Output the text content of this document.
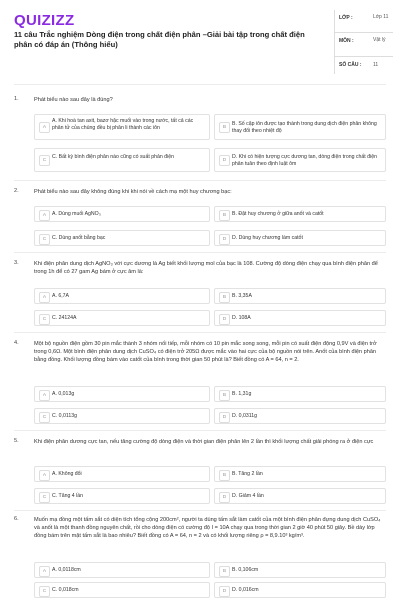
QUIZIZZ
11 câu Trắc nghiệm Dòng điện trong chất điện phân –Giải bài tập trong chất điện phân có đáp án (Thông hiểu)
LỚP :	Lớp 11
MÔN :	Vật lý
SỐ CÂU : 11
1.	Phát biểu nào sau đây là đúng?
A
A. Khi hoà tan axit, bazơ hặc muối vào trong nước, tất cả các phân tử của chúng đều bị phân li thành các iôn	B
B. Số cặp iôn được tạo thành trong dung dịch điện phân không thay đổi theo nhiệt độ
C
C. Bất kỳ bình điện phân nào cũng có suất phản điện
D
D. Khi có hiện tượng cực dương tan, dòng điện trong chất điện phân tuân theo định luật ôm
2.	Phát biểu nào sau đây không đúng khi khi nói về cách mạ một huy chương bạc:
A	A. Dùng muối AgNO₃	B	B. Đặt huy chương ở giữa anốt và catốt
C	C. Dùng anốt bằng bạc	D	D. Dùng huy chương làm catốt
3.	Khi điện phân dung dịch AgNO₃ với cực dương là Ag biết khối lượng mol của bạc là 108. Cường độ dòng điện chạy qua bình điện phân để trong 1h để có 27 gam Ag bám ở cực âm là:
A	A. 6,7A	B	B. 3,35A
C	C. 24124A	D	D. 108A
4.	Một bộ nguồn điện gồm 30 pin mắc thành 3 nhóm nối tiếp, mỗi nhóm có 10 pin mắc song song, mỗi pin có suất điện động 0,9V và điện trở trong 0,6Ω. Một bình điện phân dung dịch CuSO₄ có điện trở 205Ω được mắc vào hai cực của bộ nguồn nói trên. Anốt của bình điện phân bằng đồng. Khối lượng đồng bám vào catốt của bình trong thời gian 50 phút là? Biết đồng có A = 64, n = 2.
A	A. 0,013g	B	B. 1,31g
C	C. 0,0113g	D	D. 0,0311g
5.	Khi điện phân dương cực tan, nếu tăng cường độ dòng điện và thời gian điện phân lên 2 lần thì khối lượng chất giải phóng ra ở điện cực
A	A. Không đổi	B	B. Tăng 2 lần
C	C. Tăng 4 lần	D	D. Giảm 4 lần
6.	Muốn mạ đồng một tấm sắt có diện tích tổng cộng 200cm², người ta dùng tấm sắt làm catốt của một bình điện phân đựng dung dịch CuSO₄ và anốt là một thanh đồng nguyên chất, rồi cho dòng điện có cường độ I = 10A chạy qua trong thời gian 2 giờ 40 phút 50 giây. Bề dày lớp đồng bám trên mặt tấm sắt là bao nhiêu? Biết đồng có A = 64, n = 2 và có khối lượng riêng ρ = 8,9.10³ kg/m³.
A	A. 0,0118cm	B	B. 0,106cm
C	C. 0,018cm	D	D. 0,016cm
